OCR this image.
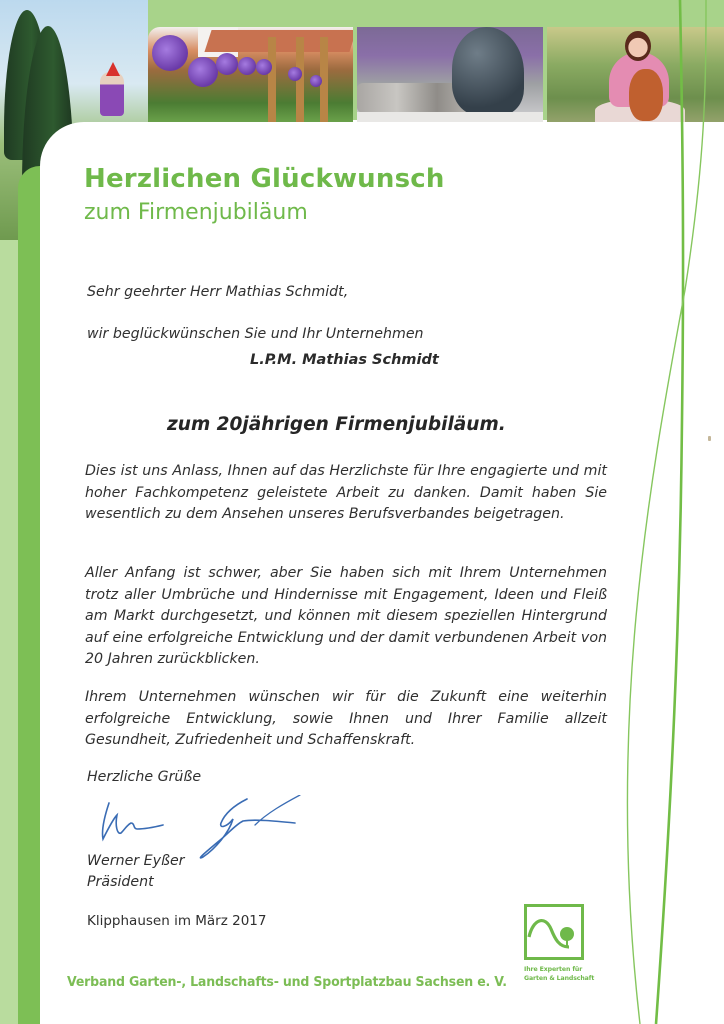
Herzlichen Glückwunsch
zum Firmenjubiläum
Sehr geehrter Herr Mathias Schmidt,
wir beglückwünschen Sie und Ihr Unternehmen
L.P.M. Mathias Schmidt
zum 20jährigen Firmenjubiläum.
Dies ist uns Anlass, Ihnen auf das Herzlichste für Ihre engagierte und mit hoher Fachkompetenz geleistete Arbeit zu danken. Damit haben Sie wesentlich zu dem Ansehen unseres Berufsverbandes beigetragen.
Aller Anfang ist schwer, aber Sie haben sich mit Ihrem Unternehmen trotz aller Umbrüche und Hindernisse mit Engagement, Ideen und Fleiß am Markt durchgesetzt, und können mit diesem speziellen Hintergrund auf eine erfolgreiche Entwicklung und der damit verbundenen Arbeit von 20 Jahren zurückblicken.
Ihrem Unternehmen wünschen wir für die Zukunft eine weiterhin erfolgreiche Entwicklung, sowie Ihnen und Ihrer Familie allzeit Gesundheit, Zufriedenheit und Schaffenskraft.
Herzliche Grüße
Werner Eyßer
Präsident
Klipphausen im März 2017
Verband Garten-, Landschafts- und Sportplatzbau Sachsen e. V.
Ihre Experten für
Garten & Landschaft
